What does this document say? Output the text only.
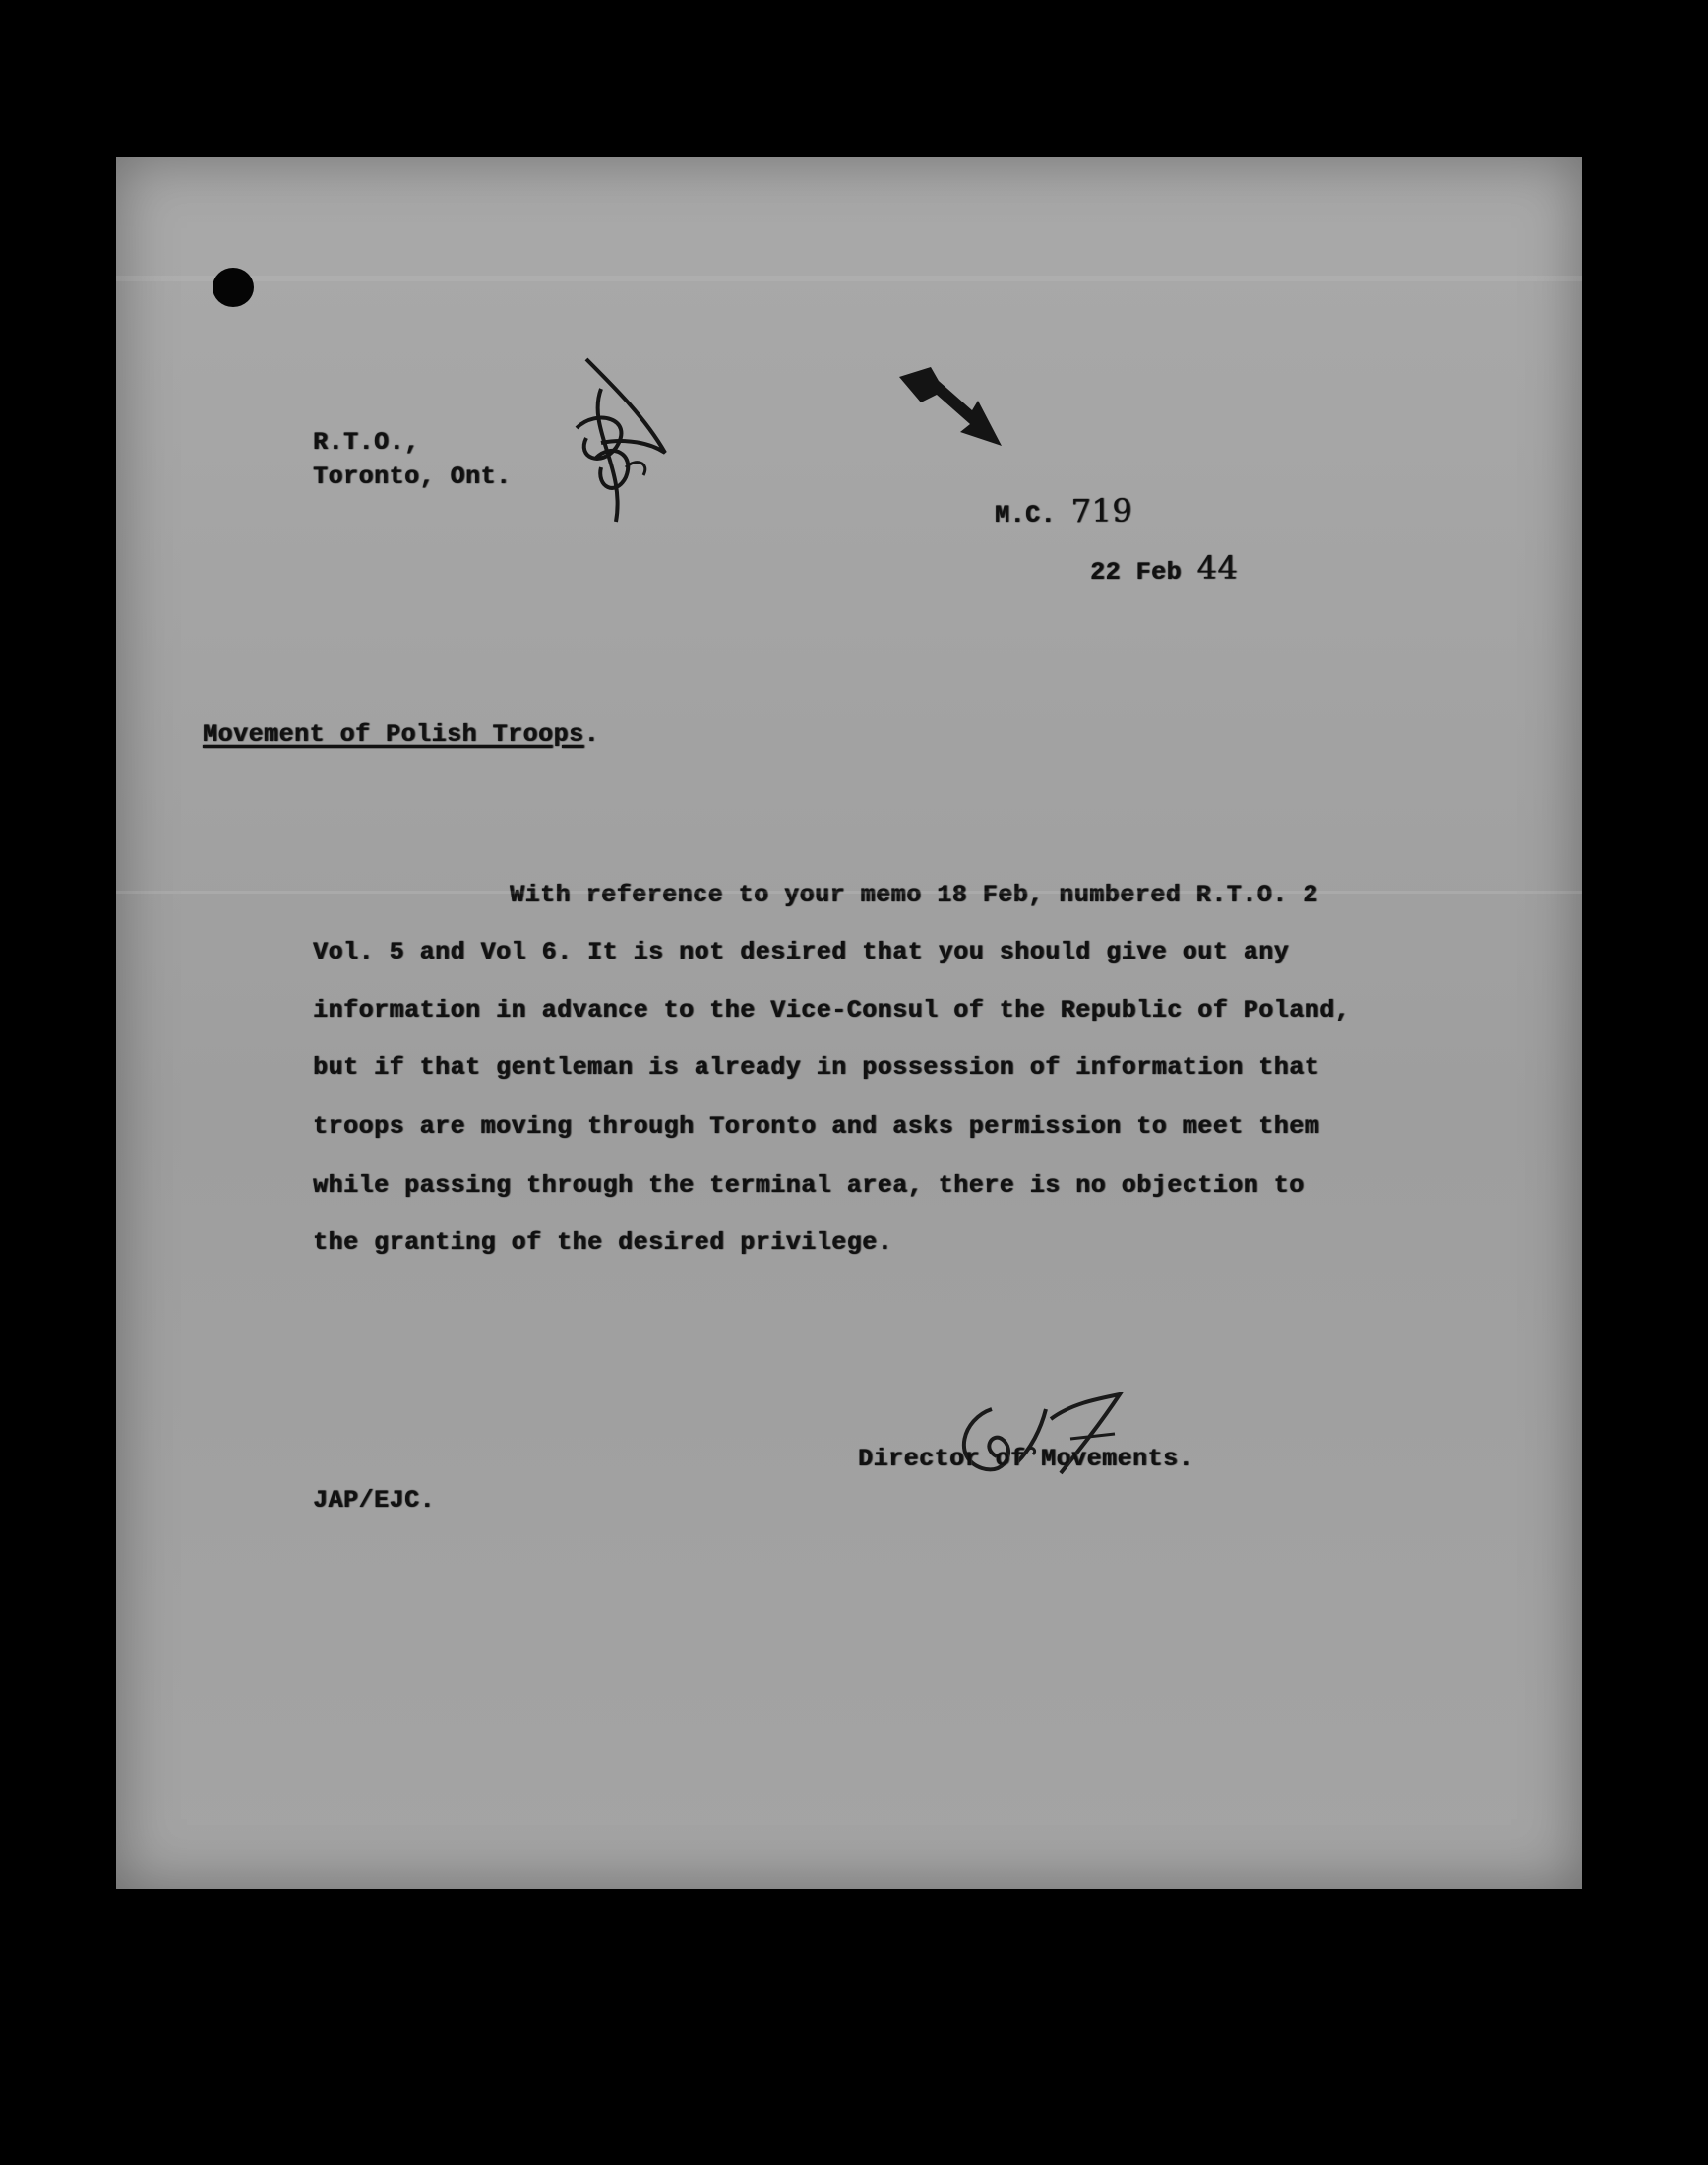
R.T.O.,
Toronto, Ont.
M.C. 719
22 Feb 44
Movement of Polish Troops.
With reference to your memo 18 Feb, numbered R.T.O. 2
Vol. 5 and Vol 6. It is not desired that you should give out any
information in advance to the Vice-Consul of the Republic of Poland,
but if that gentleman is already in possession of information that
troops are moving through Toronto and asks permission to meet them
while passing through the terminal area, there is no objection to
the granting of the desired privilege.
Director of Movements.
JAP/EJC.
